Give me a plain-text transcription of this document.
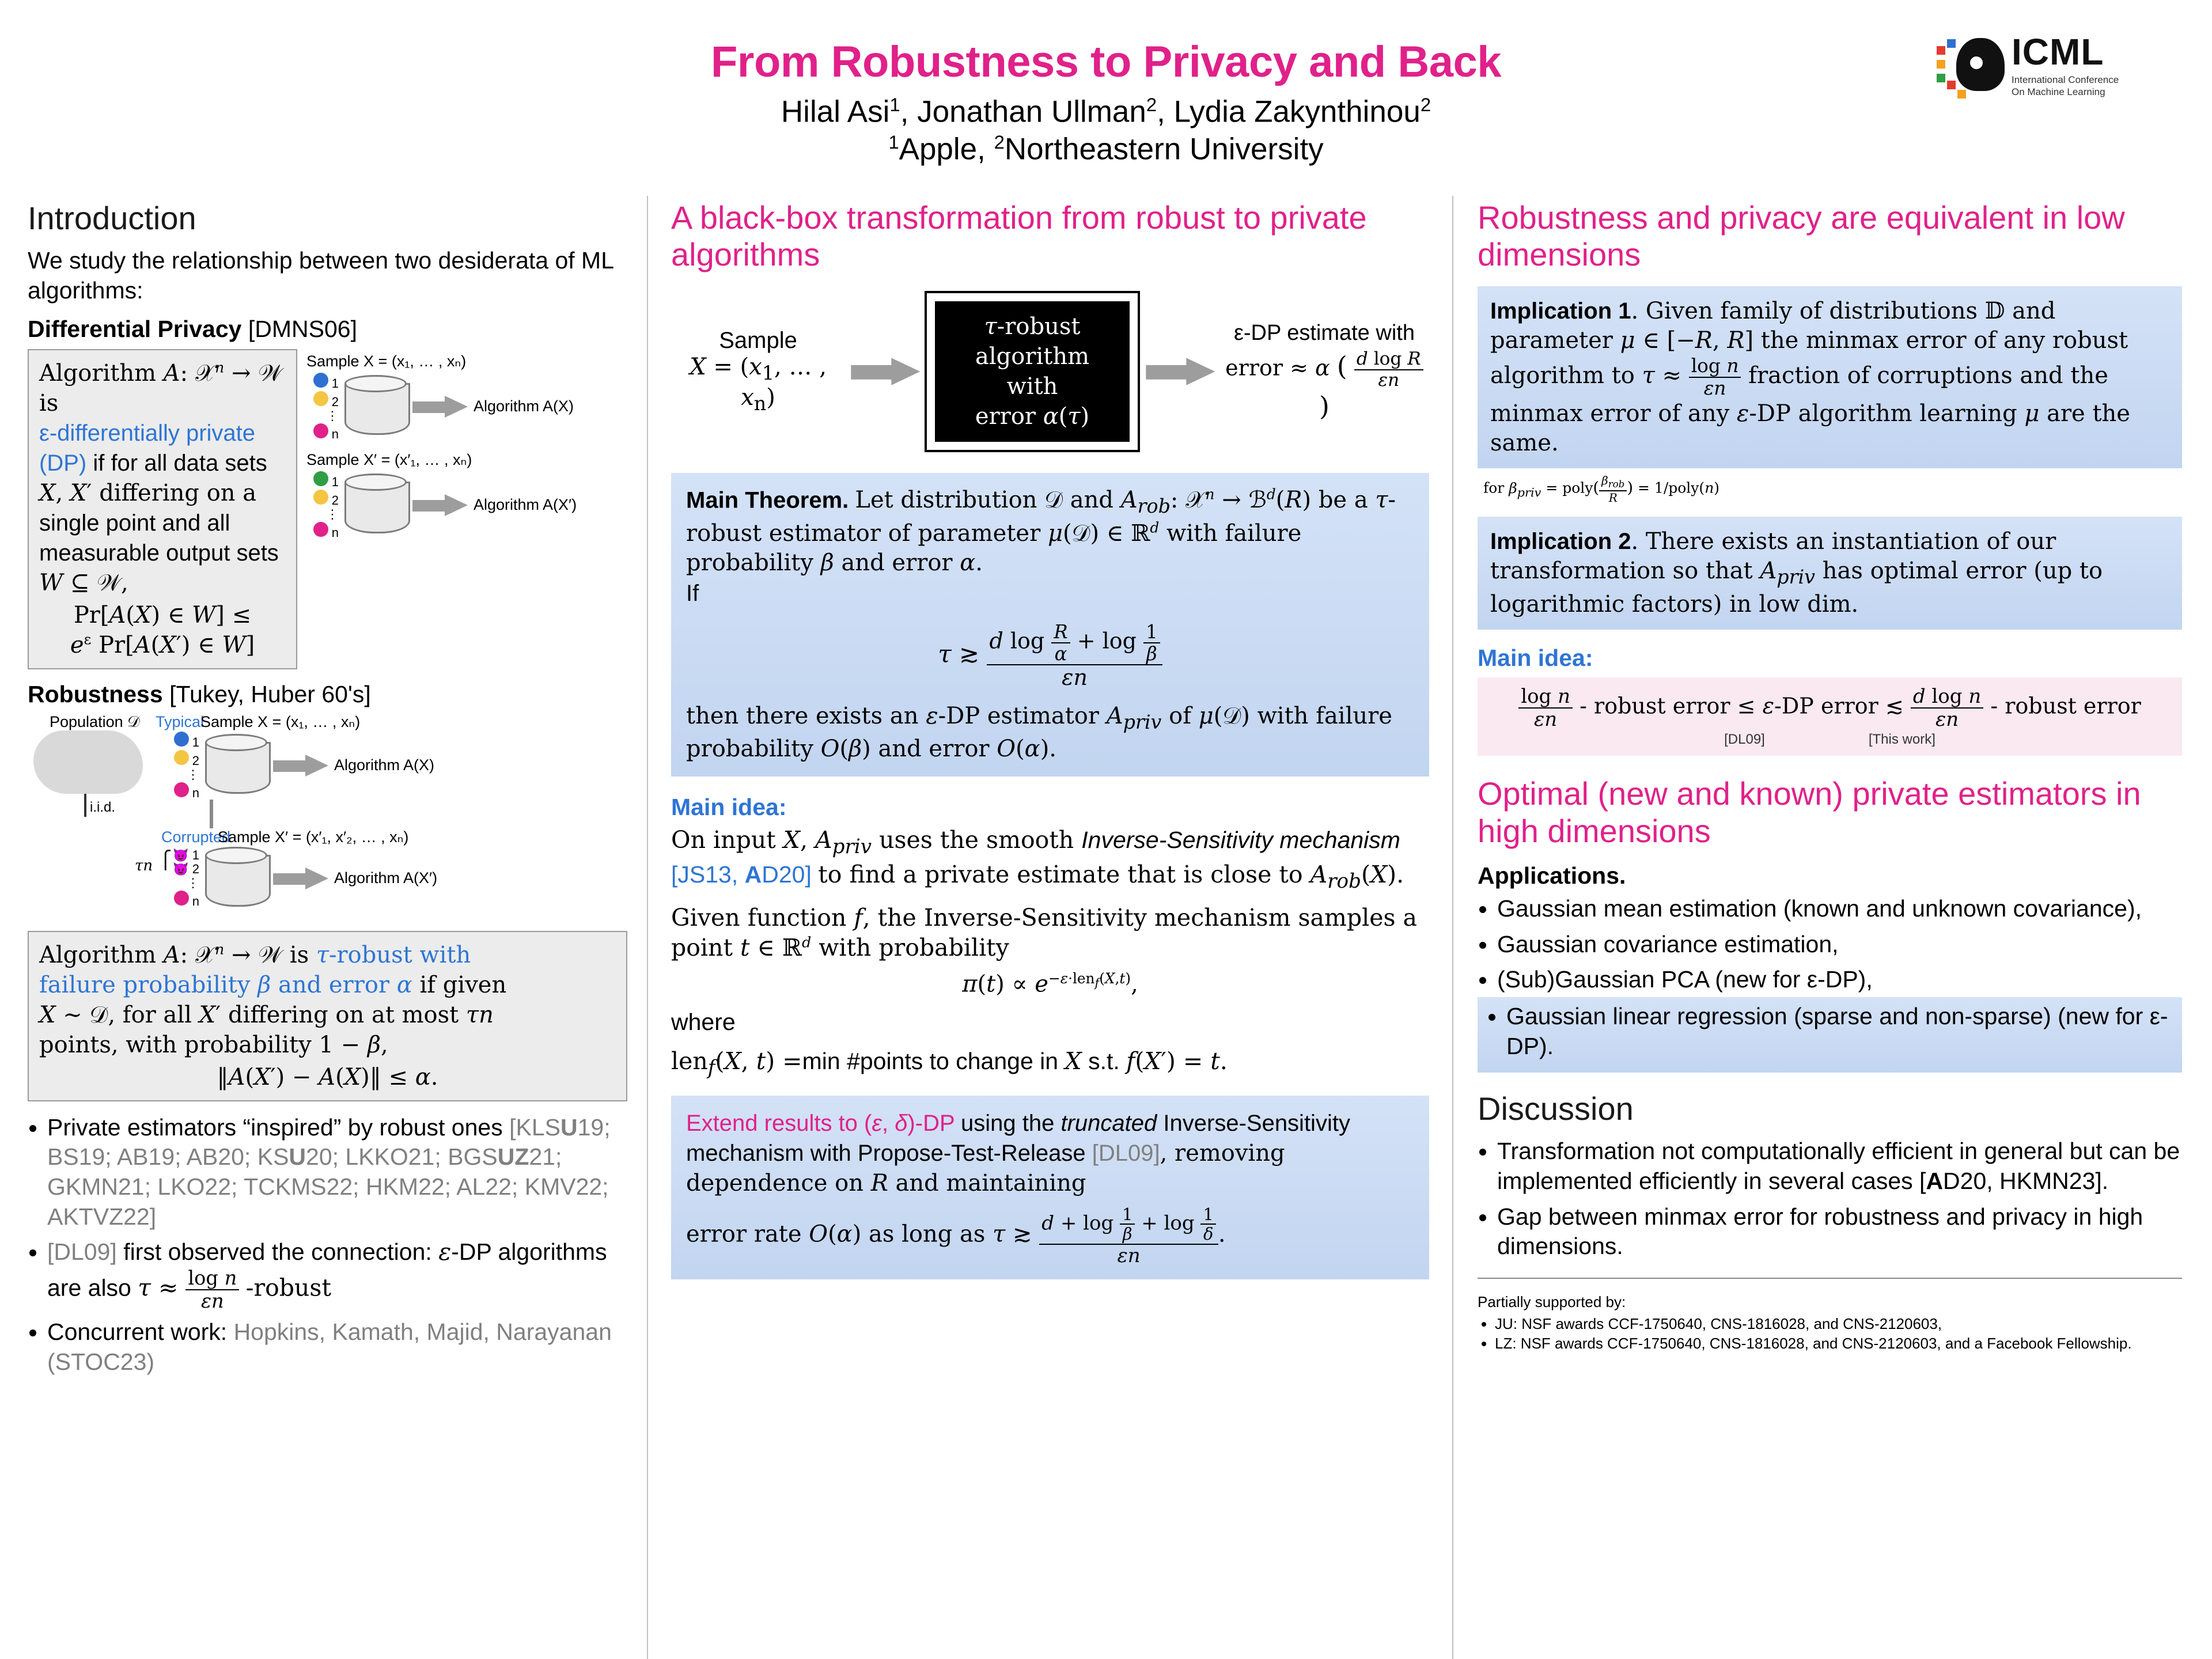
From Robustness to Privacy and Back
Hilal Asi$^1$, Jonathan Ullman$^2$, Lydia Zakynthinou$^2$
$^1$Apple, $^2$Northeastern University
ICML
International Conference
On Machine Learning
Introduction

We study the relationship between two desiderata of ML algorithms:

Differential Privacy [DMNS06]

Algorithm A: 𝒳$^𝑛$ → 𝒲 is
ε-differentially private
(DP) if for all data sets
X, X′ differing on a
single point and all
measurable output sets
W ⊆ 𝒲,
Pr[A(X) ∈ W] ≤
$e^\varepsilon$ Pr[A(X′) ∈ W]
Sample X = (x₁, … , xₙ)
1
2
⋮
n
Algorithm A(X)
Sample X′ = (x′₁, … , xₙ)
1
2
⋮
n
Algorithm A(X′)

Robustness [Tukey, Huber 60's]

Population 𝒟
i.i.d.
Typical
Sample X = (x₁, … , xₙ)
1
2
⋮
n
Algorithm A(X)
Corrupted
Sample X′ = (x′₁, x′₂, … , xₙ)
τn ⎧ 😈 1
😈 2
⋮
n
Algorithm A(X′)
Algorithm A: 𝒳$^𝑛$ → 𝒲 is τ-robust with
failure probability β and error α if given
X ∼ 𝒟, for all X′ differing on at most τn
points, with probability 1 − β,
‖A(X′) − A(X)‖ ≤ α.
• Private estimators “inspired” by robust ones [KLSU19; BS19; AB19; AB20; KSU20; LKKO21; BGSUZ21; GKMN21; LKO22; TCKMS22; HKM22; AL22; KMV22; AKTVZ22]
• [DL09] first observed the connection: ε-DP algorithms are also $\tau \approx \frac{\text{log n}}{\varepsilon n}$ -robust
• Concurrent work: Hopkins, Kamath, Majid, Narayanan (STOC23)
A black-box transformation from robust to private algorithms
Sample
$X = (x_1$, … , $x_n$)
τ-robust
algorithm with
error α(τ)
ε-DP estimate with
error ≈ α ( $\frac{\text{d log R}}{\varepsilon n}$
)
Main Theorem. Let distribution 𝒟 and $A_{rob}$: 𝒳$^𝑛$ → ℬ$^𝑑$(R) be a τ-robust estimator of parameter μ(𝒟) ∈ ℝ$^𝑑$ with failure probability β and error α.
If
τ ≳ $\frac{d \log \frac{R}{\alpha} + \log \frac{1}{\beta}}{\varepsilon n}$
then there exists an ε-DP estimator $A_{priv}$ of μ(𝒟) with failure probability O(β) and error O(α).
Main idea:

On input X, $A_{priv}$ uses the smooth Inverse-Sensitivity mechanism [JS13, AD20] to find a private estimate that is close to $A_{rob}(X)$.

Given function f, the Inverse-Sensitivity mechanism samples a point t ∈ ℝ$^𝑑$ with probability

$\pi(t) \propto e^{-\varepsilon\cdot len_f(X,t)}$,

where

len$_f$(X, t) =min #points to change in X s.t. f(X′) = t.

Extend results to (ε, δ)-DP using the truncated Inverse-Sensitivity mechanism with Propose-Test-Release [DL09], removing dependence on R and maintaining
error rate O(α) as long as τ ≳ $\frac{d + \log \frac{1}{\beta} + \log \frac{1}{\delta}}{\varepsilon n}$ .
Robustness and privacy are equivalent in low dimensions
Implication 1. Given family of distributions 𝔻 and parameter μ ∈ [−R, R] the minmax error of any robust algorithm to $\tau \approx \frac{\text{log n}}{\varepsilon n}$ fraction of corruptions and the minmax error of any ε-DP algorithm learning μ are the same.
for $\beta_{priv}$ = poly( $\frac{\beta_{rob}}{R}$ ) = 1/poly(n)
Implication 2. There exists an instantiation of our transformation so that $A_{priv}$ has optimal error (up to logarithmic factors) in low dim.
Main idea:
$\frac{\text{log n}}{\varepsilon n}$ - robust error ≤ ε-DP error ≲ $\frac{\text{d log n}}{\varepsilon n}$ - robust error
[DL09]	[This work]
Optimal (new and known) private estimators in high dimensions
Applications.
• Gaussian mean estimation (known and unknown covariance),
• Gaussian covariance estimation,
• (Sub)Gaussian PCA (new for ε-DP),
• Gaussian linear regression (sparse and non-sparse) (new for ε-DP).
Discussion
• Transformation not computationally efficient in general but can be implemented efficiently in several cases [AD20, HKMN23].
• Gap between minmax error for robustness and privacy in high dimensions.
Partially supported by:
• JU: NSF awards CCF-1750640, CNS-1816028, and CNS-2120603,
• LZ: NSF awards CCF-1750640, CNS-1816028, and CNS-2120603, and a Facebook Fellowship.
